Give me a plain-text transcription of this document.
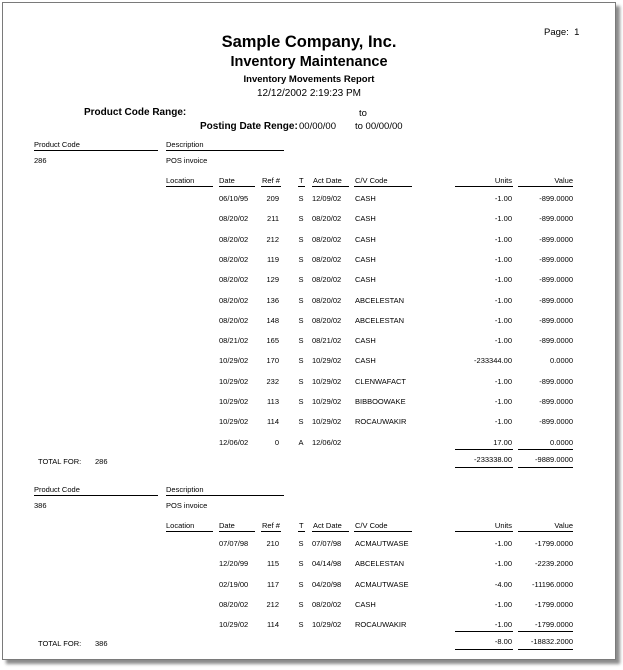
Page: 1
Sample Company, Inc.
Inventory Maintenance
Inventory Movements Report
12/12/2002 2:19:23 PM
Product Code Range:	to
Posting Date Renge: 00/00/00 to 00/00/00
Product Code	Description
286	POS invoice
Location	Date	Ref #	T Act Date C/V Code	Units	Value
06/10/95	209	S	12/09/02 CASH	-1.00	-899.0000
08/20/02	211	S	08/20/02 CASH	-1.00	-899.0000
08/20/02	212	S	08/20/02 CASH	-1.00	-899.0000
08/20/02	119	S	08/20/02 CASH	-1.00	-899.0000
08/20/02	129	S	08/20/02 CASH	-1.00	-899.0000
08/20/02	136	S	08/20/02 ABCELESTAN	-1.00	-899.0000
08/20/02	148	S	08/20/02 ABCELESTAN	-1.00	-899.0000
08/21/02	165	S	08/21/02 CASH	-1.00	-899.0000
10/29/02	170	S	10/29/02 CASH	-233344.00	0.0000
10/29/02	232	S	10/29/02 CLENWAFACT	-1.00	-899.0000
10/29/02	113	S	10/29/02 BIBBOOWAKE	-1.00	-899.0000
10/29/02	114	S	10/29/02 ROCAUWAKIR	-1.00	-899.0000
12/06/02	0	A	12/06/02	17.00	0.0000
TOTAL FOR: 286	-233338.00	-9889.0000
Product Code	Description
386	POS invoice
Location	Date	Ref #	T Act Date C/V Code	Units	Value
07/07/98	210	S	07/07/98 ACMAUTWASE	-1.00	-1799.0000
12/20/99	115	S	04/14/98 ABCELESTAN	-1.00	-2239.2000
02/19/00	117	S	04/20/98 ACMAUTWASE	-4.00	-11196.0000
08/20/02	212	S	08/20/02 CASH	-1.00	-1799.0000
10/29/02	114	S	10/29/02 ROCAUWAKIR	-1.00	-1799.0000
TOTAL FOR: 386	-8.00	-18832.2000
